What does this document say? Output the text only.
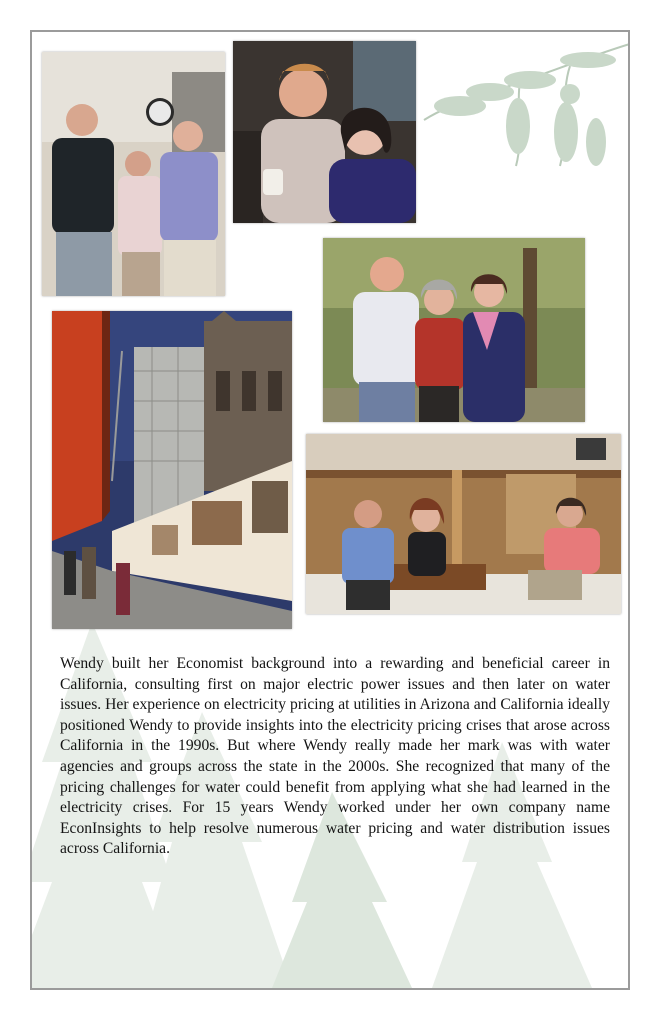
Wendy built her Economist background into a rewarding and beneficial career in California, consulting first on major electric power issues and then later on water issues. Her experience on electricity pricing at utilities in Arizona and California ideally positioned Wendy to provide insights into the electricity pricing crises that arose across California in the 1990s. But where Wendy really made her mark was with water agencies and groups across the state in the 2000s. She recognized that many of the pricing challenges for water could benefit from applying what she had learned in the electricity crises. For 15 years Wendy worked under her own company name EconInsights to help resolve numerous water pricing and water distribution issues across California.
